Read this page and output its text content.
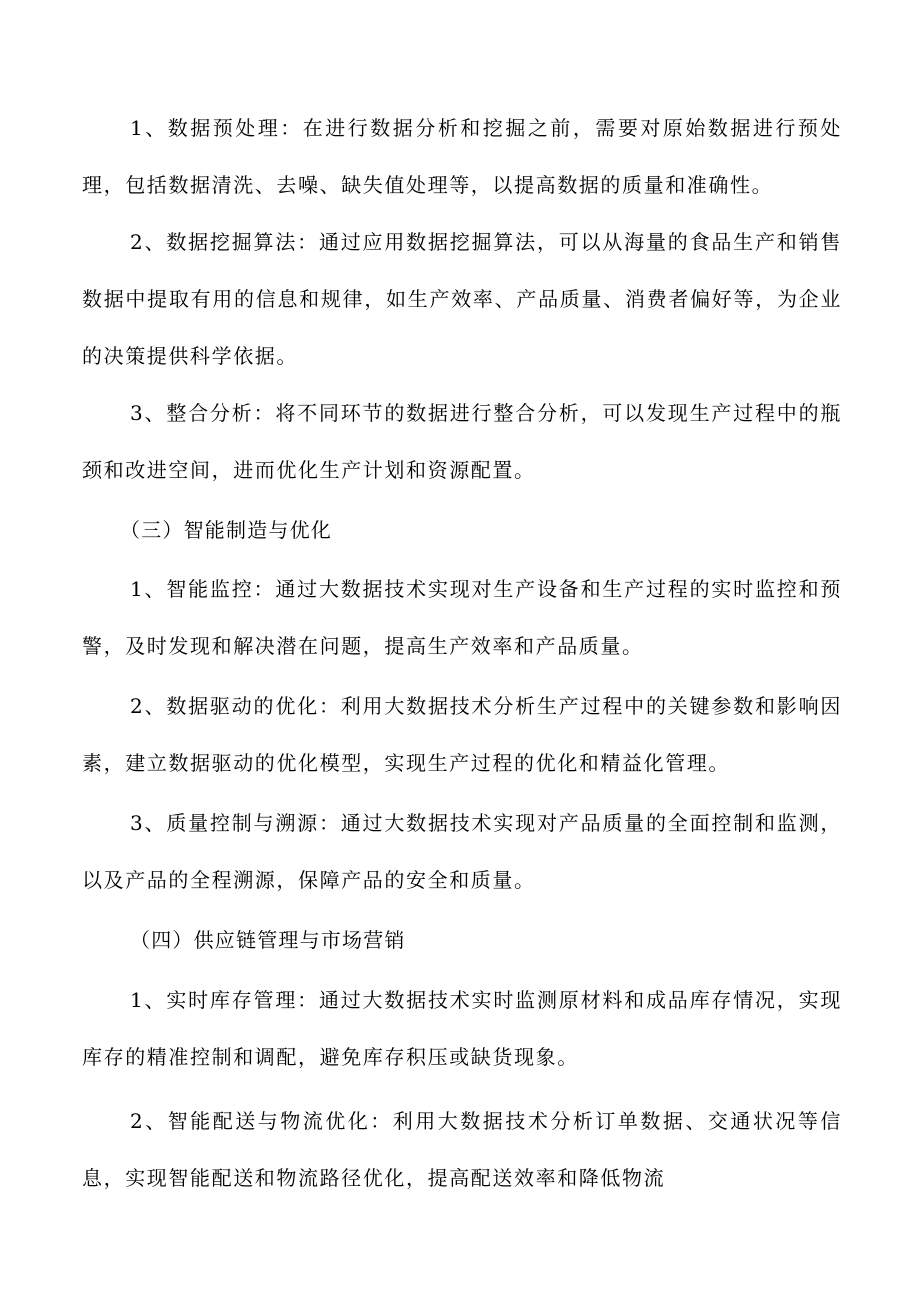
1、数据预处理：在进行数据分析和挖掘之前，需要对原始数据进行预处理，包括数据清洗、去噪、缺失值处理等，以提高数据的质量和准确性。

2、数据挖掘算法：通过应用数据挖掘算法，可以从海量的食品生产和销售数据中提取有用的信息和规律，如生产效率、产品质量、消费者偏好等，为企业的决策提供科学依据。

3、整合分析：将不同环节的数据进行整合分析，可以发现生产过程中的瓶颈和改进空间，进而优化生产计划和资源配置。

（三）智能制造与优化

1、智能监控：通过大数据技术实现对生产设备和生产过程的实时监控和预警，及时发现和解决潜在问题，提高生产效率和产品质量。

2、数据驱动的优化：利用大数据技术分析生产过程中的关键参数和影响因素，建立数据驱动的优化模型，实现生产过程的优化和精益化管理。

3、质量控制与溯源：通过大数据技术实现对产品质量的全面控制和监测，以及产品的全程溯源，保障产品的安全和质量。

（四）供应链管理与市场营销

1、实时库存管理：通过大数据技术实时监测原材料和成品库存情况，实现库存的精准控制和调配，避免库存积压或缺货现象。

2、智能配送与物流优化：利用大数据技术分析订单数据、交通状况等信息，实现智能配送和物流路径优化，提高配送效率和降低物流
